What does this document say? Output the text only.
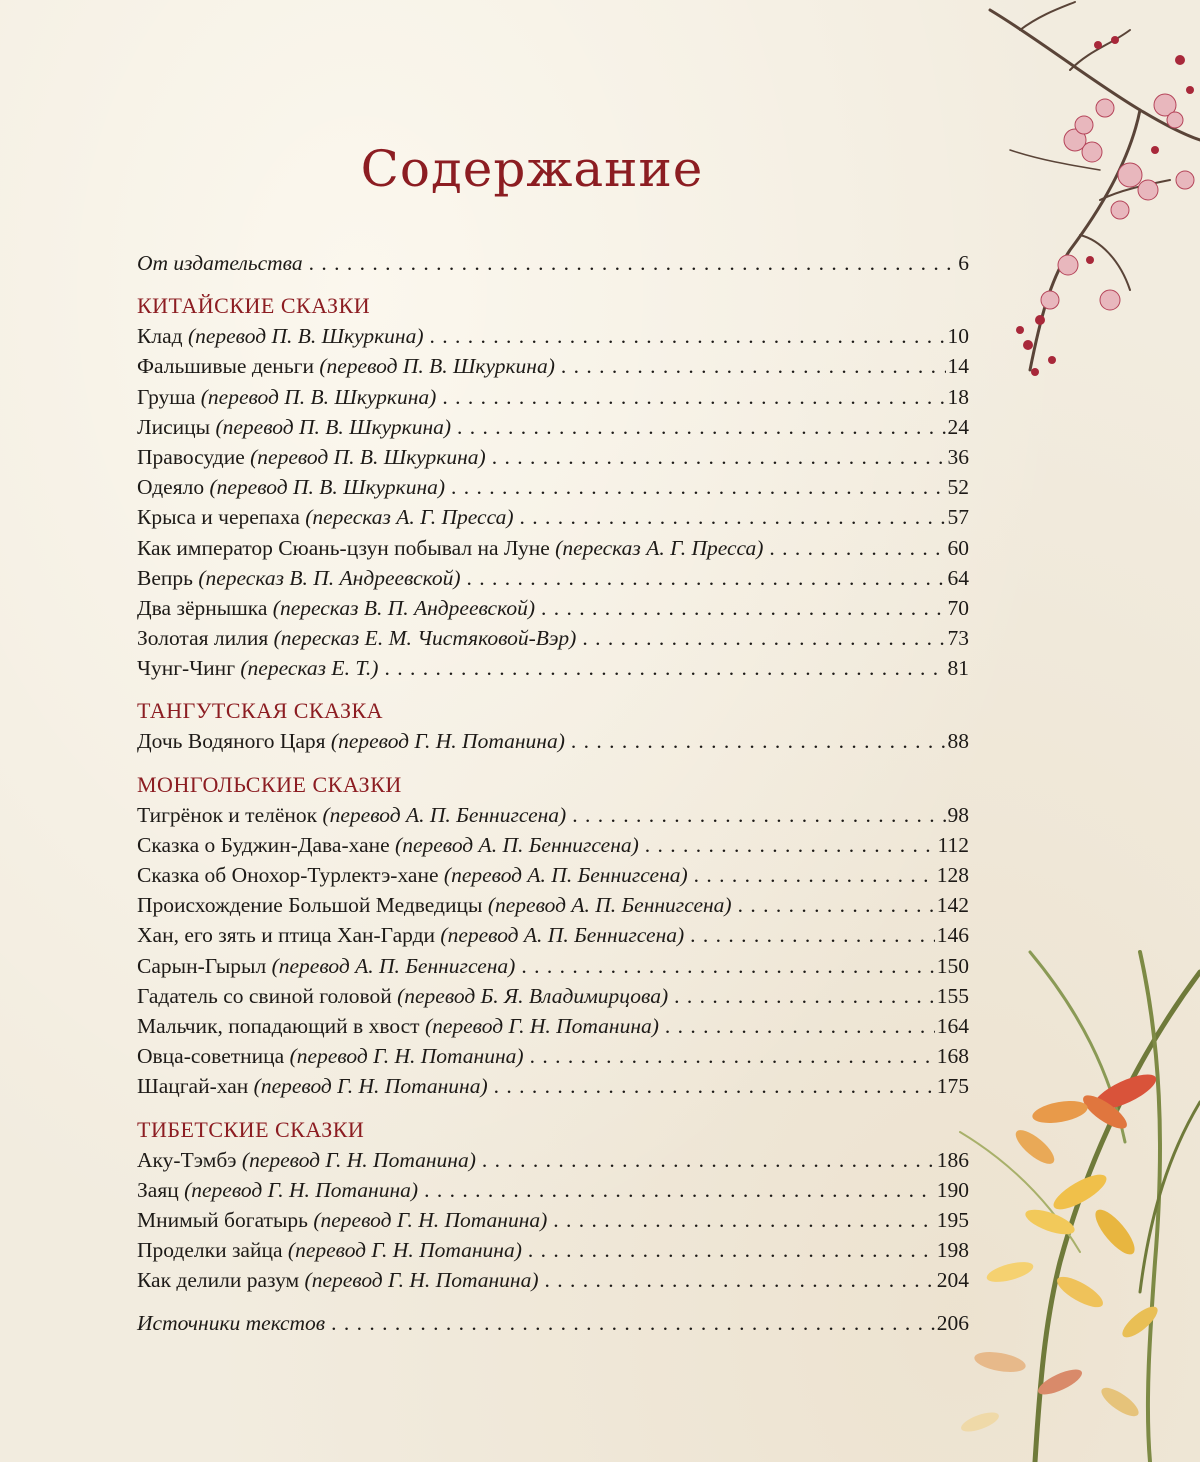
Содержание
От издательства . . .	6
КИТАЙСКИЕ СКАЗКИ
Клад (перевод П. В. Шкуркина) . . .	10
Фальшивые деньги (перевод П. В. Шкуркина) . . .	14
Груша (перевод П. В. Шкуркина) . . .	18
Лисицы (перевод П. В. Шкуркина) . . .	24
Правосудие (перевод П. В. Шкуркина) . . .	36
Одеяло (перевод П. В. Шкуркина) . . .	52
Крыса и черепаха (пересказ А. Г. Пресса) . . .	57
Как император Сюань-цзун побывал на Луне (пересказ А. Г. Пресса) . . .	60
Вепрь (пересказ В. П. Андреевской) . . .	64
Два зёрнышка (пересказ В. П. Андреевской) . . .	70
Золотая лилия (пересказ Е. М. Чистяковой-Вэр) . . .	73
Чунг-Чинг (пересказ Е. Т.) . . .	81
ТАНГУТСКАЯ СКАЗКА
Дочь Водяного Царя (перевод Г. Н. Потанина) . . .	88
МОНГОЛЬСКИЕ СКАЗКИ
Тигрёнок и телёнок (перевод А. П. Беннигсена) . . .	98
Сказка о Буджин-Дава-хане (перевод А. П. Беннигсена) . . .	112
Сказка об Онохор-Турлектэ-хане (перевод А. П. Беннигсена) . . .	128
Происхождение Большой Медведицы (перевод А. П. Беннигсена) . . .	142
Хан, его зять и птица Хан-Гарди (перевод А. П. Беннигсена) . . .	146
Сарын-Гырыл (перевод А. П. Беннигсена) . . .	150
Гадатель со свиной головой (перевод Б. Я. Владимирцова) . . .	155
Мальчик, попадающий в хвост (перевод Г. Н. Потанина) . . .	164
Овца-советница (перевод Г. Н. Потанина) . . .	168
Шацгай-хан (перевод Г. Н. Потанина) . . .	175
ТИБЕТСКИЕ СКАЗКИ
Аку-Тэмбэ (перевод Г. Н. Потанина) . . .	186
Заяц (перевод Г. Н. Потанина) . . .	190
Мнимый богатырь (перевод Г. Н. Потанина) . . .	195
Проделки зайца (перевод Г. Н. Потанина) . . .	198
Как делили разум (перевод Г. Н. Потанина) . . .	204
Источники текстов . . .	206
